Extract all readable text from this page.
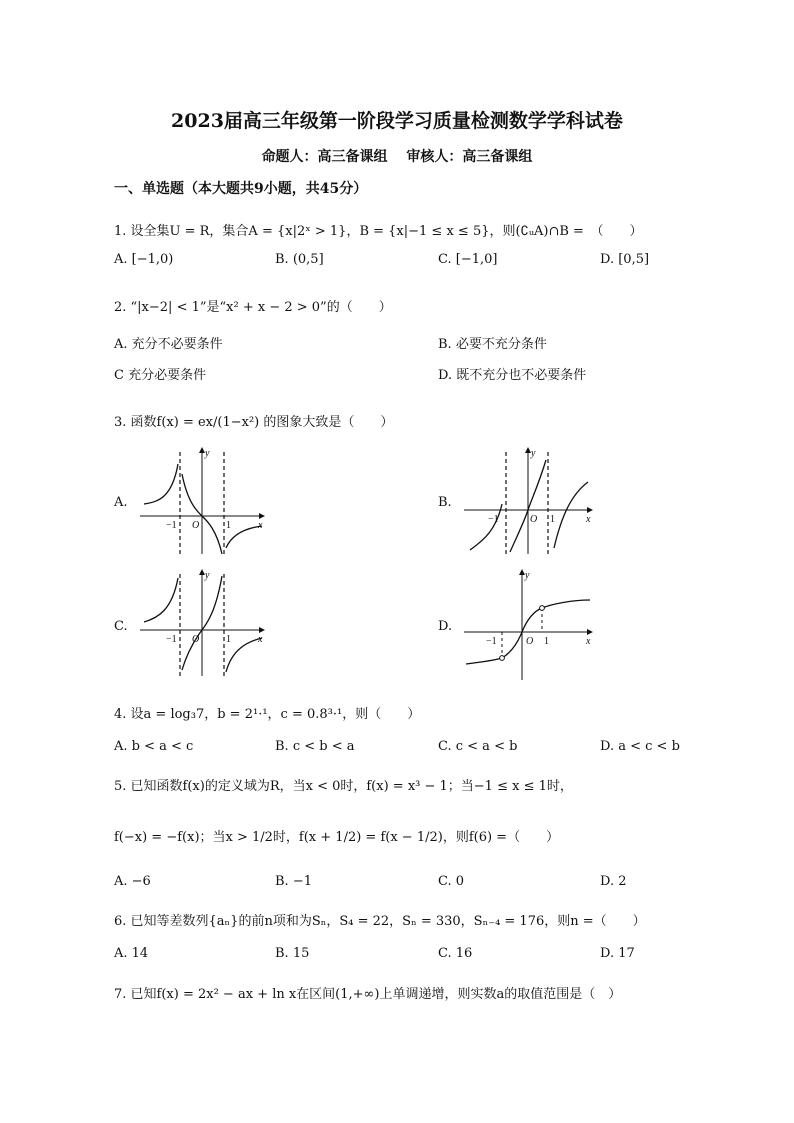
2023届高三年级第一阶段学习质量检测数学学科试卷
命题人：高三备课组　 审核人：高三备课组
一、单选题（本大题共9小题，共45分）
1. 设全集U = R，集合A = {x|2ˣ > 1}，B = {x|−1 ≤ x ≤ 5}，则(∁ᵤA)∩B =　（　　）
A. [−1,0)	B. (0,5]	C. [−1,0]	D. [0,5]
2. “|x−2| < 1”是“x² + x − 2 > 0”的（　　）
A. 充分不必要条件	B. 必要不充分条件
C 充分必要条件	D. 既不充分也不必要条件
3. 函数f(x) = ex/(1−x²) 的图象大致是（　　）
A.	B.
C.	D.
y
x
O
−1	1
y
x
O
−1	1
y
x
O
−1	1
y
x
O
−1	1
4. 设a = log₃7，b = 2¹·¹，c = 0.8³·¹，则（　　）
A. b < a < c	B. c < b < a	C. c < a < b	D. a < c < b
5. 已知函数f(x)的定义域为R，当x < 0时，f(x) = x³ − 1；当−1 ≤ x ≤ 1时，
f(−x) = −f(x)；当x > 1/2时，f(x + 1/2) = f(x − 1/2)，则f(6) =（　　）
A. −6	B. −1	C. 0	D. 2
6. 已知等差数列{aₙ}的前n项和为Sₙ，S₄ = 22，Sₙ = 330，Sₙ₋₄ = 176，则n =（　　）
A. 14	B. 15	C. 16	D. 17
7. 已知f(x) = 2x² − ax + ln x在区间(1,+∞)上单调递增，则实数a的取值范围是（　）
